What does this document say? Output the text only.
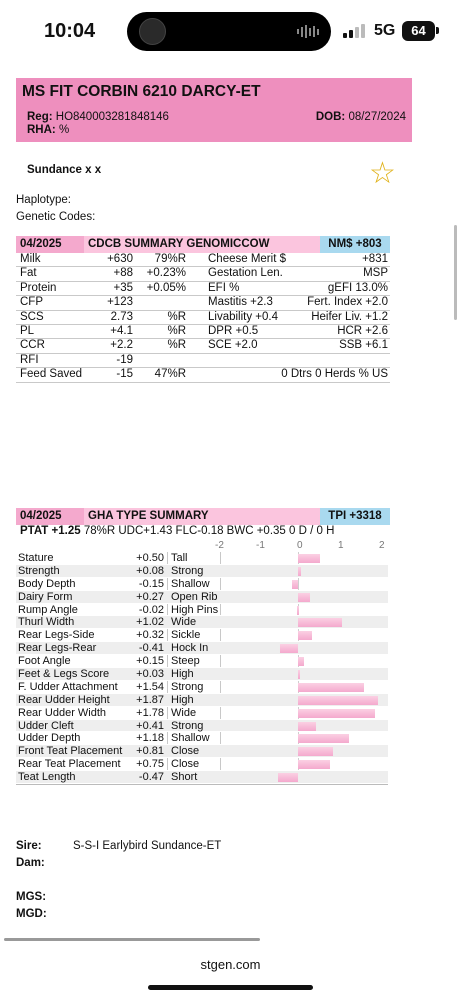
10:04	5G	64
MS FIT CORBIN 6210 DARCY-ET
Reg: HO840003281848146
RHA: %
DOB: 08/27/2024
Sundance x x	☆
Haplotype:
Genetic Codes:
04/2025	CDCB SUMMARY GENOMICCOW	NM$ +803
Milk	+630	79%R Cheese Merit $	+831
Fat	+88	+0.23% Gestation Len.	MSP
Protein	+35	+0.05% EFI %	gEFI 13.0%
CFP	+123	Mastitis +2.3	Fert. Index +2.0
SCS	2.73	%R Livability +0.4	Heifer Liv. +1.2
PL	+4.1	%R DPR +0.5	HCR +2.6
CCR	+2.2	%R SCE +2.0	SSB +6.1
RFI	-19
Feed Saved	-15	47%R	0 Dtrs 0 Herds % US
04/2025	GHA TYPE SUMMARY	TPI +3318
PTAT +1.25 78%R UDC+1.43 FLC-0.18 BWC +0.35 0 D / 0 H
-2	-1	0	1	2
Stature	+0.50 Tall
Strength	+0.08 Strong
Body Depth	-0.15 Shallow
Dairy Form	+0.27 Open Rib
Rump Angle	-0.02 High Pins
Thurl Width	+1.02 Wide
Rear Legs-Side	+0.32 Sickle
Rear Legs-Rear	-0.41 Hock In
Foot Angle	+0.15 Steep
Feet & Legs Score +0.03 High
F. Udder Attachment +1.54 Strong
Rear Udder Height +1.87 High
Rear Udder Width	+1.78 Wide
Udder Cleft	+0.41 Strong
Udder Depth	+1.18 Shallow
Front Teat Placement +0.81 Close
Rear Teat Placement +0.75 Close
Teat Length	-0.47 Short
Sire:	S-S-I Earlybird Sundance-ET
Dam:
MGS:
MGD:
stgen.com
